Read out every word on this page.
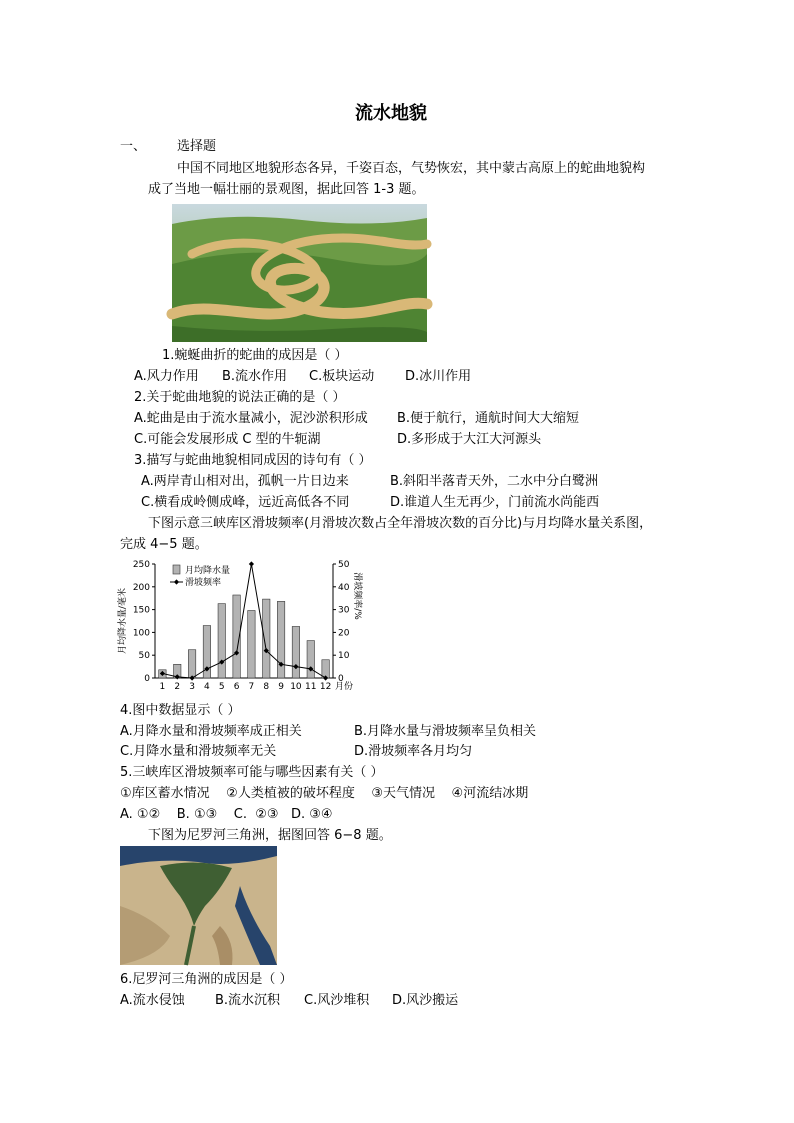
流水地貌
一、 选择题
中国不同地区地貌形态各异，千姿百态，气势恢宏，其中蒙古高原上的蛇曲地貌构
成了当地一幅壮丽的景观图，据此回答 1-3 题。
1.蜿蜒曲折的蛇曲的成因是（ ）
A.风力作用 B.流水作用 C.板块运动 D.冰川作用
2.关于蛇曲地貌的说法正确的是（ ）
A.蛇曲是由于流水量减小，泥沙淤积形成 B.便于航行，通航时间大大缩短
C.可能会发展形成 C 型的牛轭湖	D.多形成于大江大河源头
3.描写与蛇曲地貌相同成因的诗句有（ ）
A.两岸青山相对出，孤帆一片日边来	B.斜阳半落青天外，二水中分白鹭洲
C.横看成岭侧成峰，远近高低各不同	D.谁道人生无再少，门前流水尚能西
下图示意三峡库区滑坡频率(月滑坡次数占全年滑坡次数的百分比)与月均降水量关系图，
完成 4−5 题。
0
50
100
150
200
250
0
10
20
30
40
50
1 2 3 4 5 6 7 8 9 10 11 12 月份
月均降水量/毫米	滑坡频率/%
月均降水量
滑坡频率
4.图中数据显示（ ）
A.月降水量和滑坡频率成正相关	B.月降水量与滑坡频率呈负相关
C.月降水量和滑坡频率无关	D.滑坡频率各月均匀
5.三峡库区滑坡频率可能与哪些因素有关（ ）
①库区蓄水情况    ②人类植被的破坏程度    ③天气情况    ④河流结冰期
A. ①②    B. ①③    C.  ②③   D. ③④
下图为尼罗河三角洲，据图回答 6−8 题。
6.尼罗河三角洲的成因是（ ）
A.流水侵蚀 B.流水沉积 C.风沙堆积 D.风沙搬运
